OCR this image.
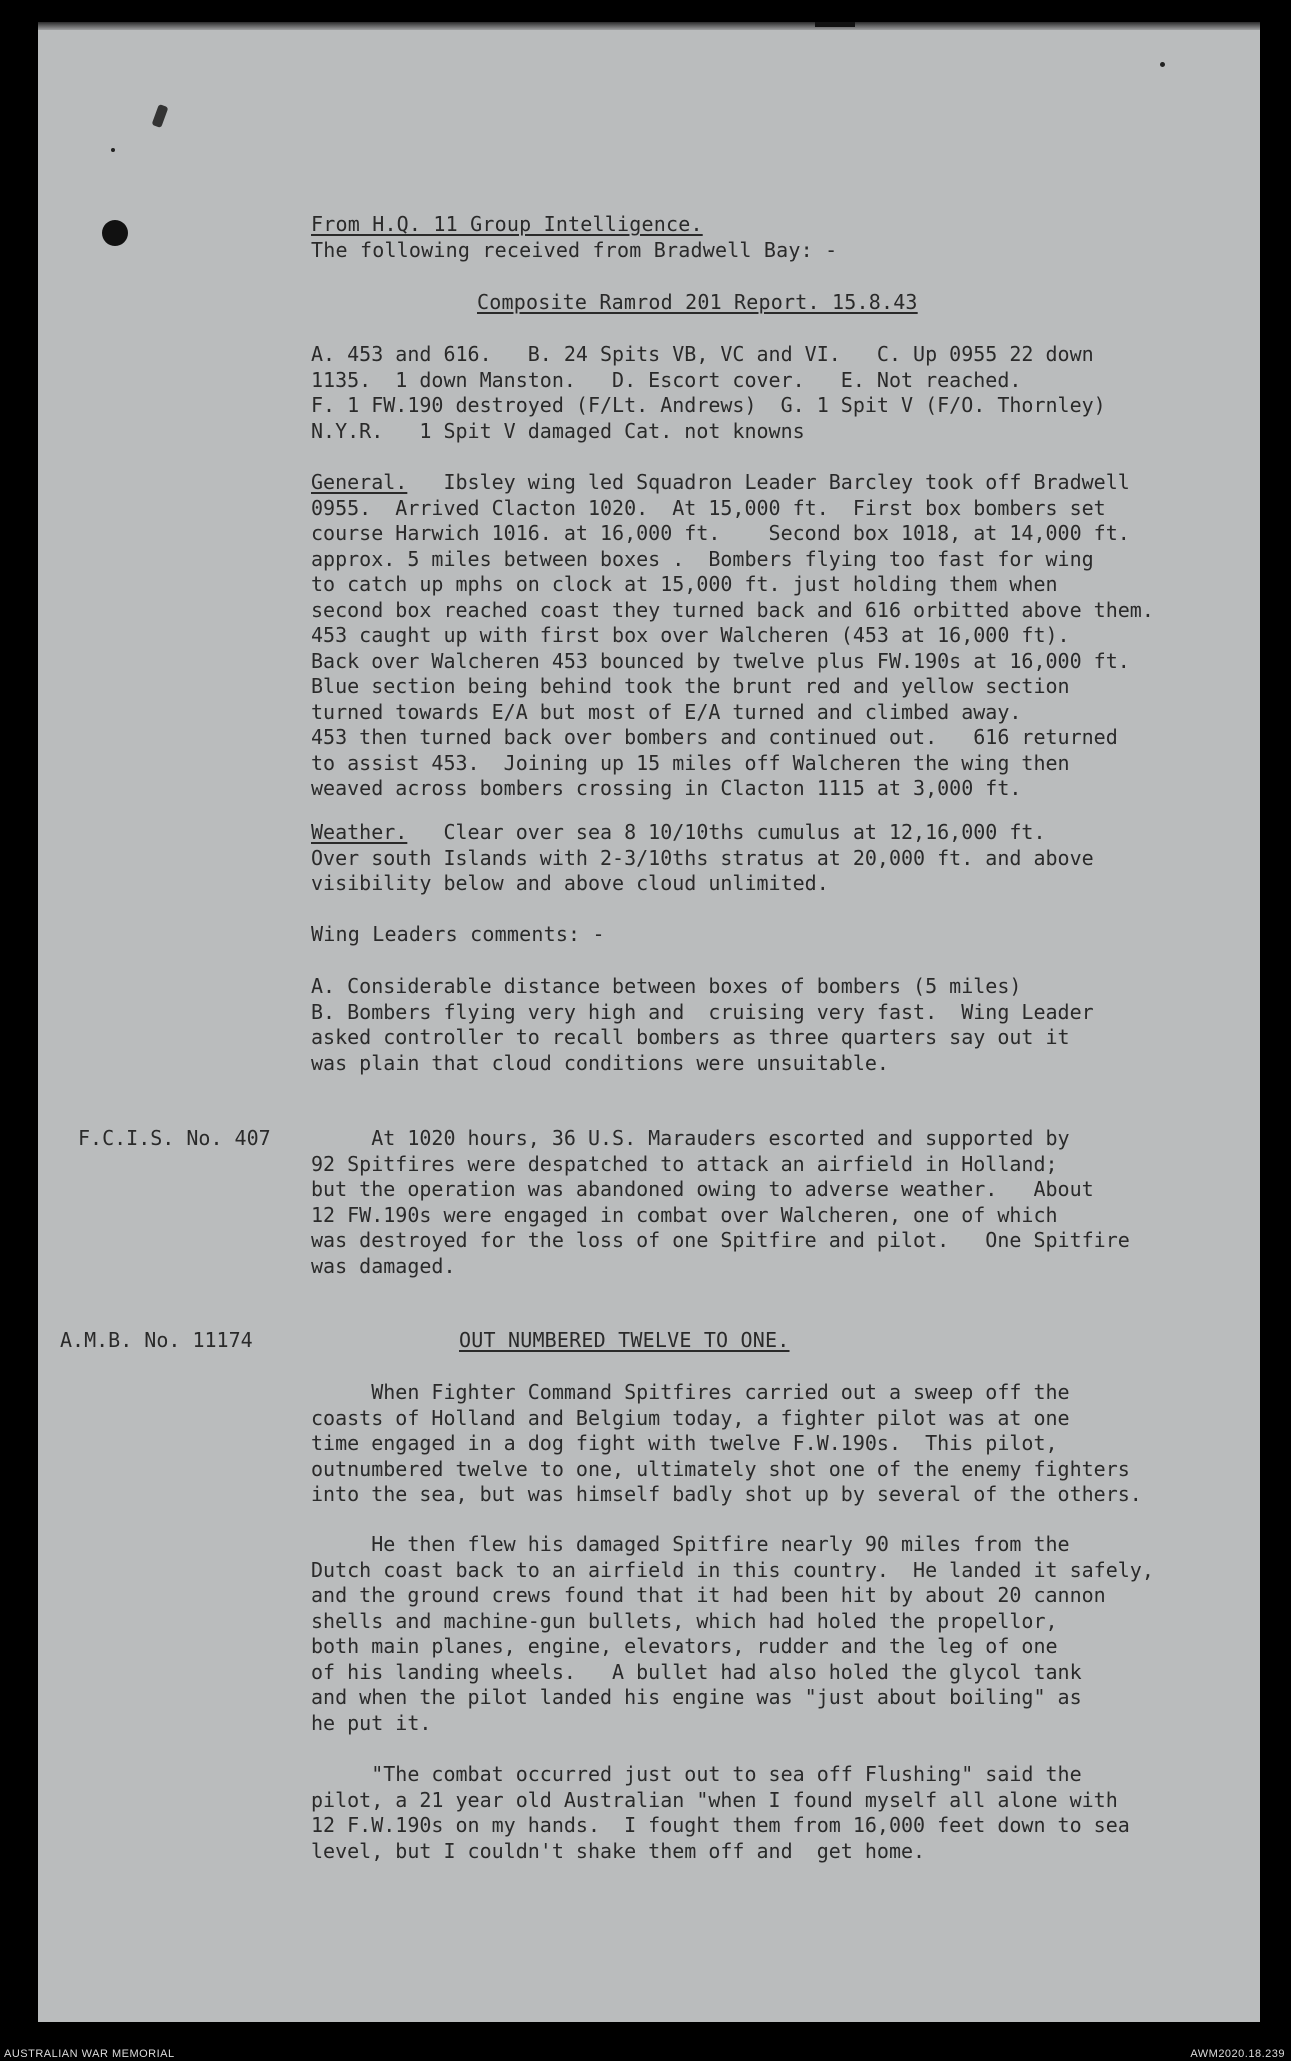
From H.Q. 11 Group Intelligence.
The following received from Bradwell Bay: -
Composite Ramrod 201 Report. 15.8.43
A. 453 and 616.   B. 24 Spits VB, VC and VI.   C. Up 0955 22 down
1135.  1 down Manston.   D. Escort cover.   E. Not reached.
F. 1 FW.190 destroyed (F/Lt. Andrews)  G. 1 Spit V (F/O. Thornley)
N.Y.R.   1 Spit V damaged Cat. not knowns
General.   Ibsley wing led Squadron Leader Barcley took off Bradwell
0955.  Arrived Clacton 1020.  At 15,000 ft.  First box bombers set
course Harwich 1016. at 16,000 ft.    Second box 1018, at 14,000 ft.
approx. 5 miles between boxes .  Bombers flying too fast for wing
to catch up mphs on clock at 15,000 ft. just holding them when
second box reached coast they turned back and 616 orbitted above them.
453 caught up with first box over Walcheren (453 at 16,000 ft).
Back over Walcheren 453 bounced by twelve plus FW.190s at 16,000 ft.
Blue section being behind took the brunt red and yellow section
turned towards E/A but most of E/A turned and climbed away.
453 then turned back over bombers and continued out.   616 returned
to assist 453.  Joining up 15 miles off Walcheren the wing then
weaved across bombers crossing in Clacton 1115 at 3,000 ft.
Weather.   Clear over sea 8 10/10ths cumulus at 12,16,000 ft.
Over south Islands with 2-3/10ths stratus at 20,000 ft. and above
visibility below and above cloud unlimited.
Wing Leaders comments: -
A. Considerable distance between boxes of bombers (5 miles)
B. Bombers flying very high and  cruising very fast.  Wing Leader
asked controller to recall bombers as three quarters say out it
was plain that cloud conditions were unsuitable.
F.C.I.S. No. 407 At 1020 hours, 36 U.S. Marauders escorted and supported by
92 Spitfires were despatched to attack an airfield in Holland;
but the operation was abandoned owing to adverse weather.   About
12 FW.190s were engaged in combat over Walcheren, one of which
was destroyed for the loss of one Spitfire and pilot.   One Spitfire
was damaged.
A.M.B. No. 11174	OUT NUMBERED TWELVE TO ONE.
When Fighter Command Spitfires carried out a sweep off the
coasts of Holland and Belgium today, a fighter pilot was at one
time engaged in a dog fight with twelve F.W.190s.  This pilot,
outnumbered twelve to one, ultimately shot one of the enemy fighters
into the sea, but was himself badly shot up by several of the others.
He then flew his damaged Spitfire nearly 90 miles from the
Dutch coast back to an airfield in this country.  He landed it safely,
and the ground crews found that it had been hit by about 20 cannon
shells and machine-gun bullets, which had holed the propellor,
both main planes, engine, elevators, rudder and the leg of one
of his landing wheels.   A bullet had also holed the glycol tank
and when the pilot landed his engine was "just about boiling" as
he put it.
"The combat occurred just out to sea off Flushing" said the
pilot, a 21 year old Australian "when I found myself all alone with
12 F.W.190s on my hands.  I fought them from 16,000 feet down to sea
level, but I couldn't shake them off and  get home.
AUSTRALIAN WAR MEMORIAL	AWM2020.18.239
